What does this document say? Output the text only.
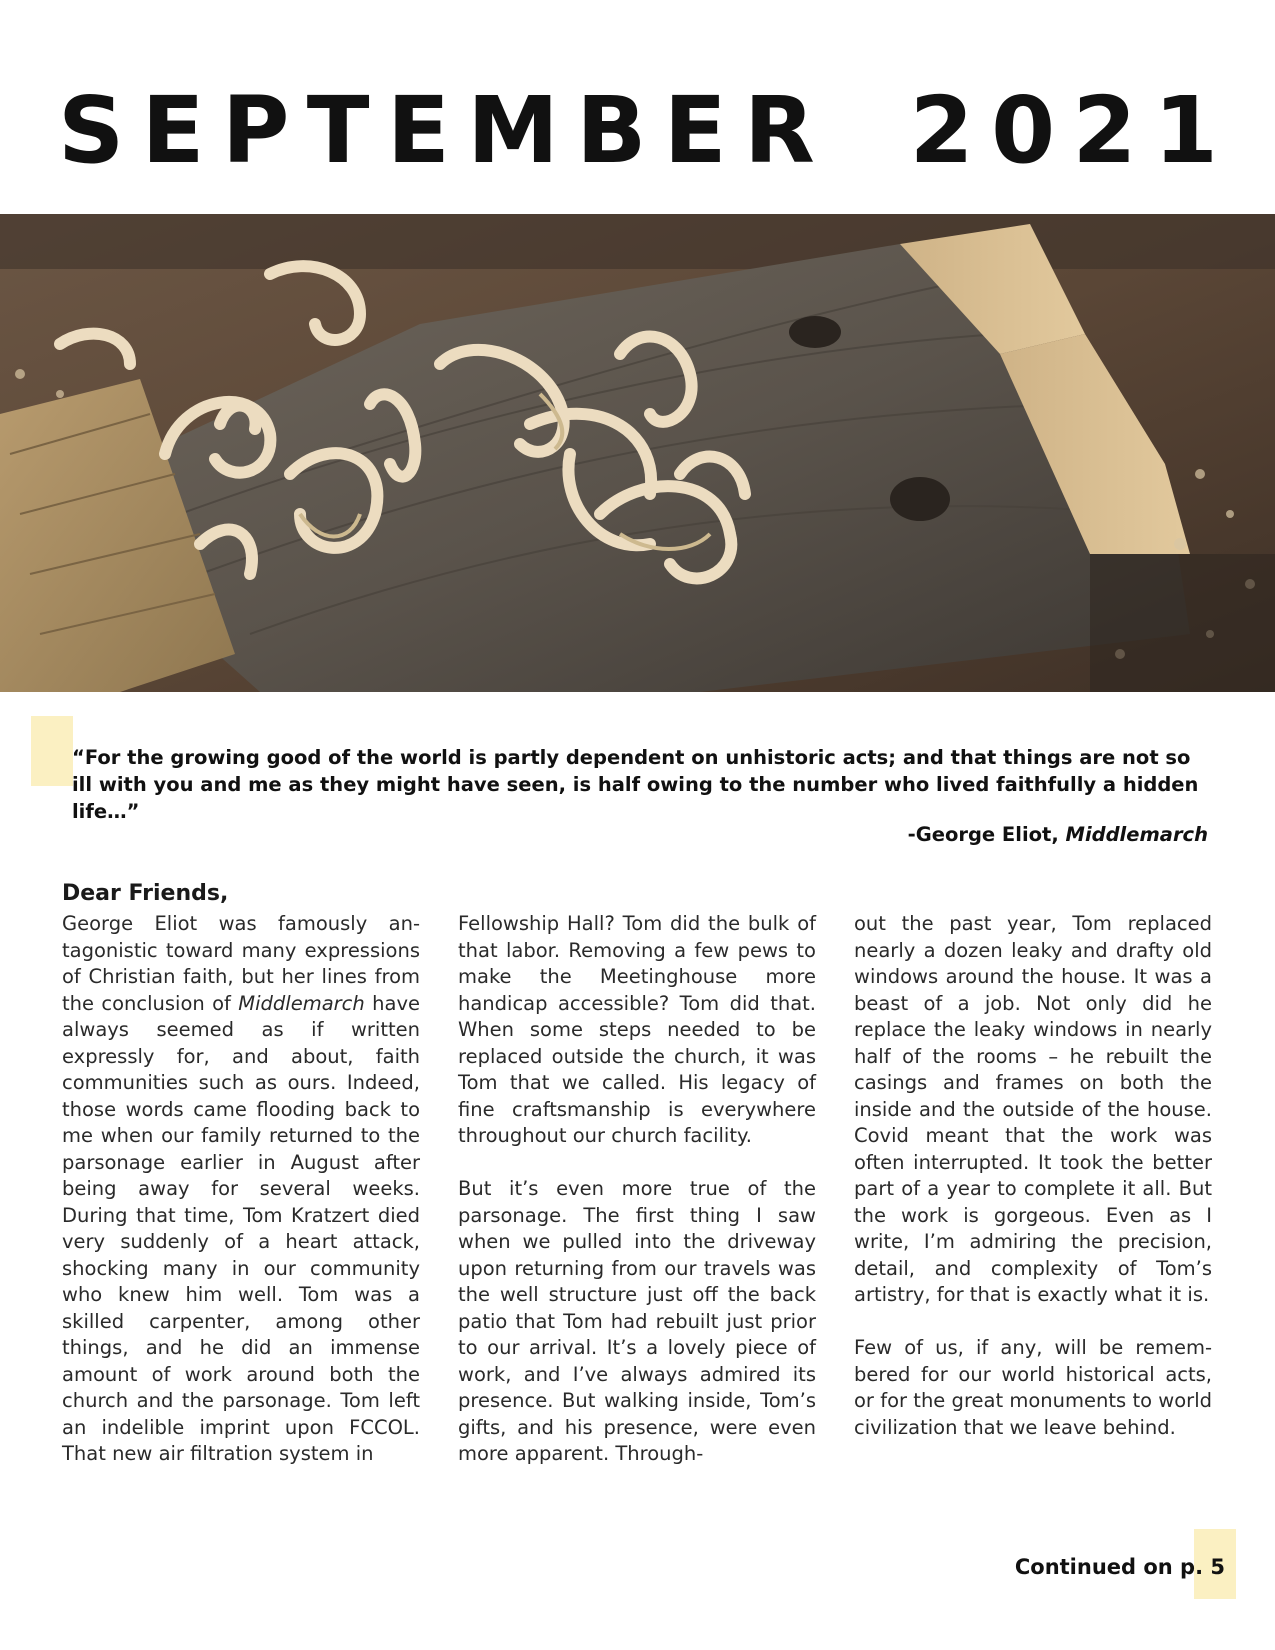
S E P T E M B E R 2 0 2 1
“For the growing good of the world is partly dependent on unhistoric acts; and that things are not so ill with you and me as they might have seen, is half owing to the number who lived faithfully a hidden life…”
-George Eliot, Middlemarch
Dear Friends,

George Eliot was famously antagonistic toward many expressions of Christian faith, but her lines from the conclusion of Middlemarch have always seemed as if written expressly for, and about, faith communities such as ours. Indeed, those words came flooding back to me when our family returned to the parsonage earlier in August after being away for several weeks. During that time, Tom Kratzert died very suddenly of a heart attack, shocking many in our community who knew him well. Tom was a skilled carpenter, among other things, and he did an immense amount of work around both the church and the parsonage. Tom left an indelible imprint upon FCCOL. That new air filtration system in

Fellowship Hall? Tom did the bulk of that labor. Removing a few pews to make the Meetinghouse more handicap accessible? Tom did that. When some steps needed to be replaced outside the church, it was Tom that we called. His legacy of fine craftsmanship is everywhere throughout our church facility.

But it’s even more true of the parsonage. The first thing I saw when we pulled into the driveway upon returning from our travels was the well structure just off the back patio that Tom had rebuilt just prior to our arrival. It’s a lovely piece of work, and I’ve always admired its presence. But walking inside, Tom’s gifts, and his presence, were even more apparent. Through-

out the past year, Tom replaced nearly a dozen leaky and drafty old windows around the house. It was a beast of a job. Not only did he replace the leaky windows in nearly half of the rooms – he rebuilt the casings and frames on both the inside and the outside of the house. Covid meant that the work was often interrupted. It took the better part of a year to complete it all. But the work is gorgeous. Even as I write, I’m admiring the precision, detail, and complexity of Tom’s artistry, for that is exactly what it is.

Few of us, if any, will be remembered for our world historical acts, or for the great monuments to world civilization that we leave behind.

Continued on p. 5
